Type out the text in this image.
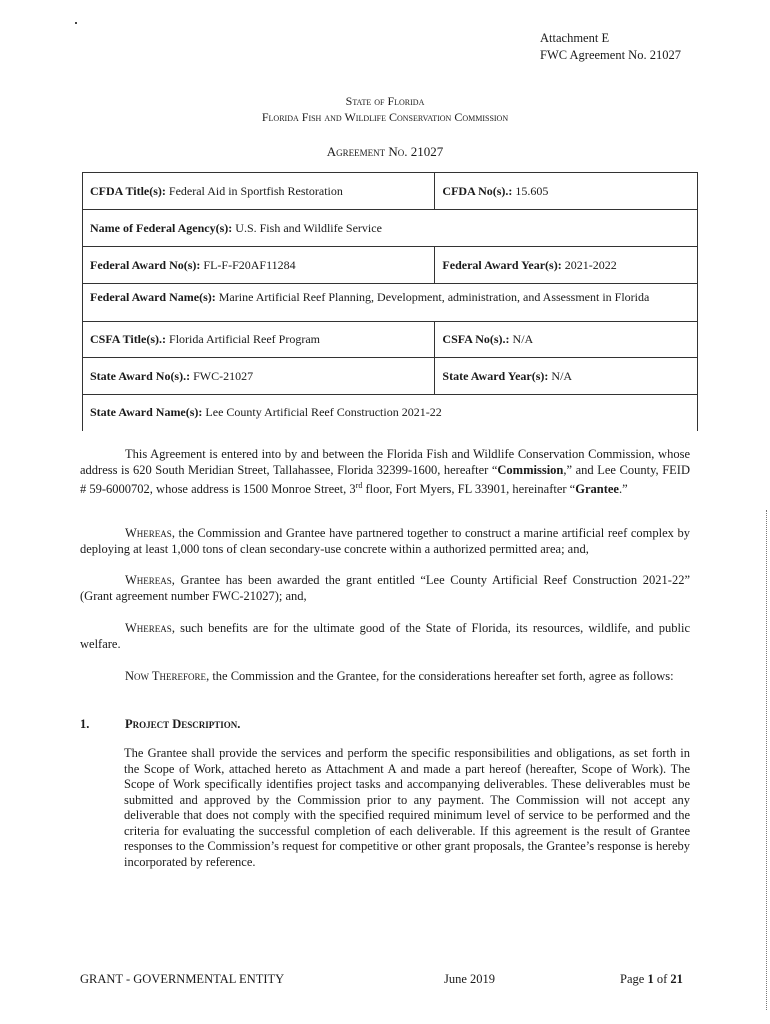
Attachment E
FWC Agreement No. 21027
State of Florida
Florida Fish and Wildlife Conservation Commission
Agreement No. 21027
CFDA Title(s): Federal Aid in Sportfish Restoration	CFDA No(s).: 15.605
Name of Federal Agency(s): U.S. Fish and Wildlife Service	
Federal Award No(s): FL-F-F20AF11284	Federal Award Year(s): 2021-2022
Federal Award Name(s): Marine Artificial Reef Planning, Development, administration, and Assessment in Florida	
CSFA Title(s).: Florida Artificial Reef Program	CSFA No(s).: N/A
State Award No(s).: FWC-21027	State Award Year(s): N/A
State Award Name(s): Lee County Artificial Reef Construction 2021-22	

This Agreement is entered into by and between the Florida Fish and Wildlife Conservation Commission, whose address is 620 South Meridian Street, Tallahassee, Florida 32399-1600, hereafter “Commission,” and Lee County, FEID # 59-6000702, whose address is 1500 Monroe Street, 3rd floor, Fort Myers, FL 33901, hereinafter “Grantee.”

Whereas, the Commission and Grantee have partnered together to construct a marine artificial reef complex by deploying at least 1,000 tons of clean secondary-use concrete within a authorized permitted area; and,

Whereas, Grantee has been awarded the grant entitled “Lee County Artificial Reef Construction 2021-22” (Grant agreement number FWC-21027); and,

Whereas, such benefits are for the ultimate good of the State of Florida, its resources, wildlife, and public welfare.

Now Therefore, the Commission and the Grantee, for the considerations hereafter set forth, agree as follows:

1.	Project Description.

The Grantee shall provide the services and perform the specific responsibilities and obligations, as set forth in the Scope of Work, attached hereto as Attachment A and made a part hereof (hereafter, Scope of Work). The Scope of Work specifically identifies project tasks and accompanying deliverables. These deliverables must be submitted and approved by the Commission prior to any payment. The Commission will not accept any deliverable that does not comply with the specified required minimum level of service to be performed and the criteria for evaluating the successful completion of each deliverable. If this agreement is the result of Grantee responses to the Commission’s request for competitive or other grant proposals, the Grantee’s response is hereby incorporated by reference.

GRANT - GOVERNMENTAL ENTITY	June 2019	Page 1 of 21
